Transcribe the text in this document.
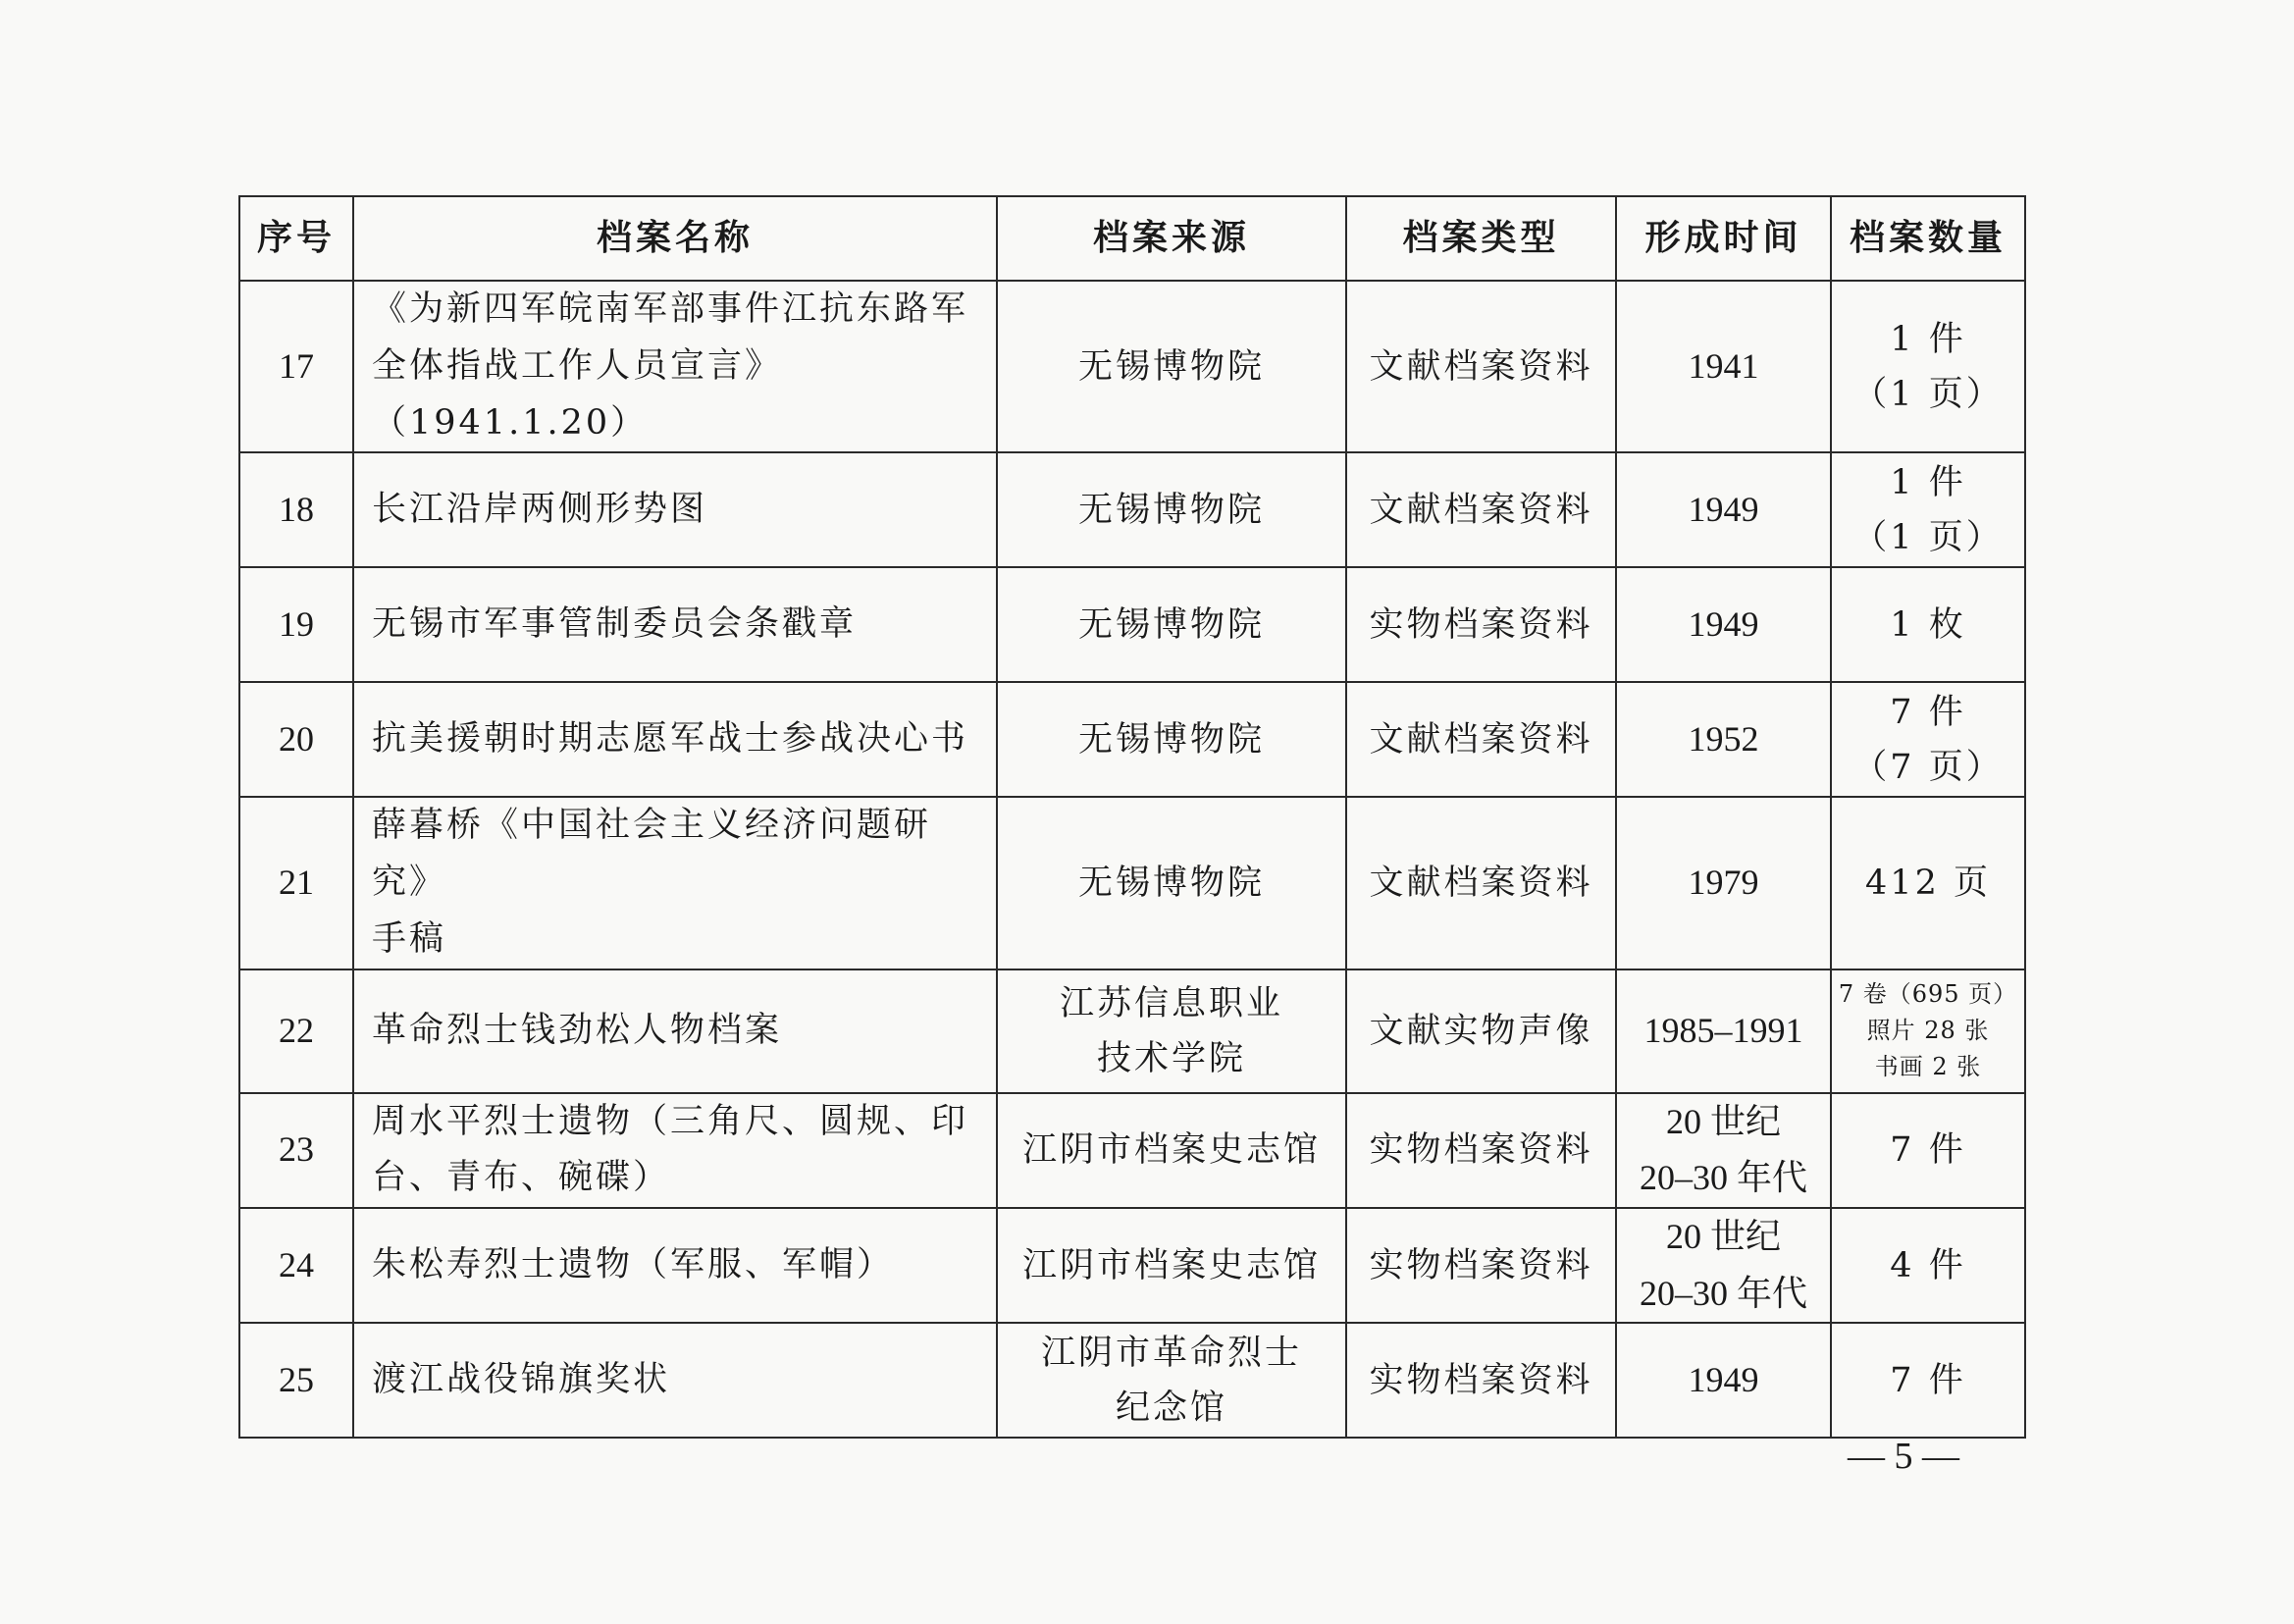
序号	档案名称	档案来源	档案类型	形成时间	档案数量
17	《为新四军皖南军部事件江抗东路军
全体指战工作人员宣言》（1941.1.20）	无锡博物院	文献档案资料	1941	1 件
（1 页）

18	长江沿岸两侧形势图	无锡博物院	文献档案资料	1949	1 件
（1 页）

19	无锡市军事管制委员会条戳章	无锡博物院	实物档案资料	1949	1 枚

20	抗美援朝时期志愿军战士参战决心书	无锡博物院	文献档案资料	1952	7 件
（7 页）

21	薛暮桥《中国社会主义经济问题研究》
手稿	无锡博物院	文献档案资料	1979	412 页

22	革命烈士钱劲松人物档案	江苏信息职业
技术学院	文献实物声像	1985–1991	7 卷（695 页）
照片 28 张
书画 2 张

23	周水平烈士遗物（三角尺、圆规、印
台、青布、碗碟）	江阴市档案史志馆	实物档案资料	20 世纪
20–30 年代	7 件

24	朱松寿烈士遗物（军服、军帽）	江阴市档案史志馆	实物档案资料	20 世纪
20–30 年代	4 件

25	渡江战役锦旗奖状	江阴市革命烈士
纪念馆	实物档案资料	1949	7 件
— 5 —
